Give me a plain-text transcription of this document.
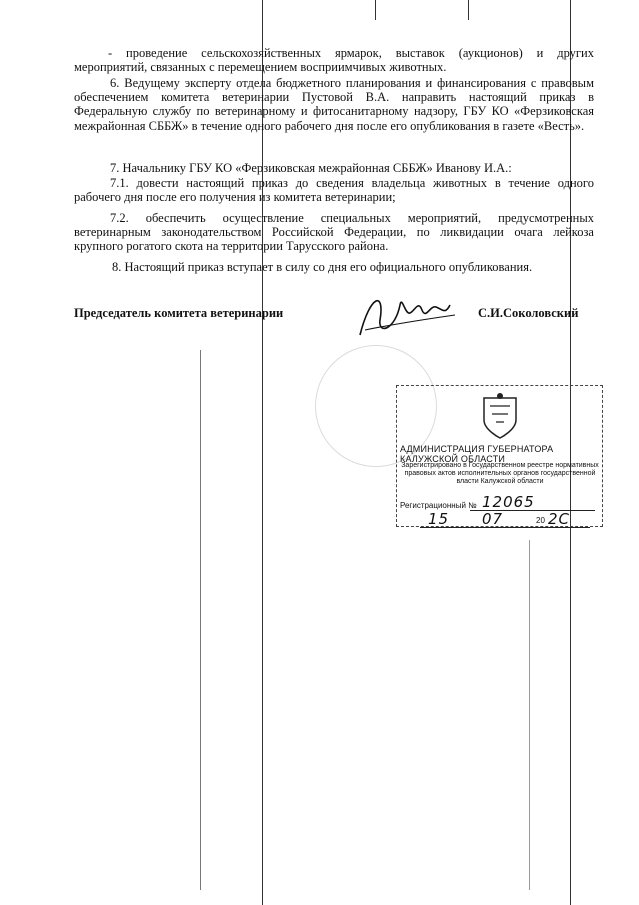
- проведение сельскохозяйственных ярмарок, выставок (аукционов) и других мероприятий, связанных с перемещением восприимчивых животных.

6. Ведущему эксперту отдела бюджетного планирования и финансирования с правовым обеспечением комитета ветеринарии Пустовой В.А. направить настоящий приказ в Федеральную службу по ветеринарному и фитосанитарному надзору, ГБУ КО «Ферзиковская межрайонная СББЖ» в течение одного рабочего дня после его опубликования в газете «Весть».

7. Начальнику ГБУ КО «Ферзиковская межрайонная СББЖ» Иванову И.А.:

7.1. довести настоящий приказ до сведения владельца животных в течение одного рабочего дня после его получения из комитета ветеринарии;

7.2. обеспечить осуществление специальных мероприятий, предусмотренных ветеринарным законодательством Российской Федерации, по ликвидации очага лейкоза крупного рогатого скота на территории Тарусского района.

8. Настоящий приказ вступает в силу со дня его официального опубликования.

Председатель комитета ветеринарии	С.И.Соколовский
АДМИНИСТРАЦИЯ ГУБЕРНАТОРА КАЛУЖСКОЙ ОБЛАСТИ
Зарегистрировано в Государственном реестре нормативных правовых актов исполнительных органов государственной власти Калужской области
Регистрационный № 12065
15 07	20 2С
